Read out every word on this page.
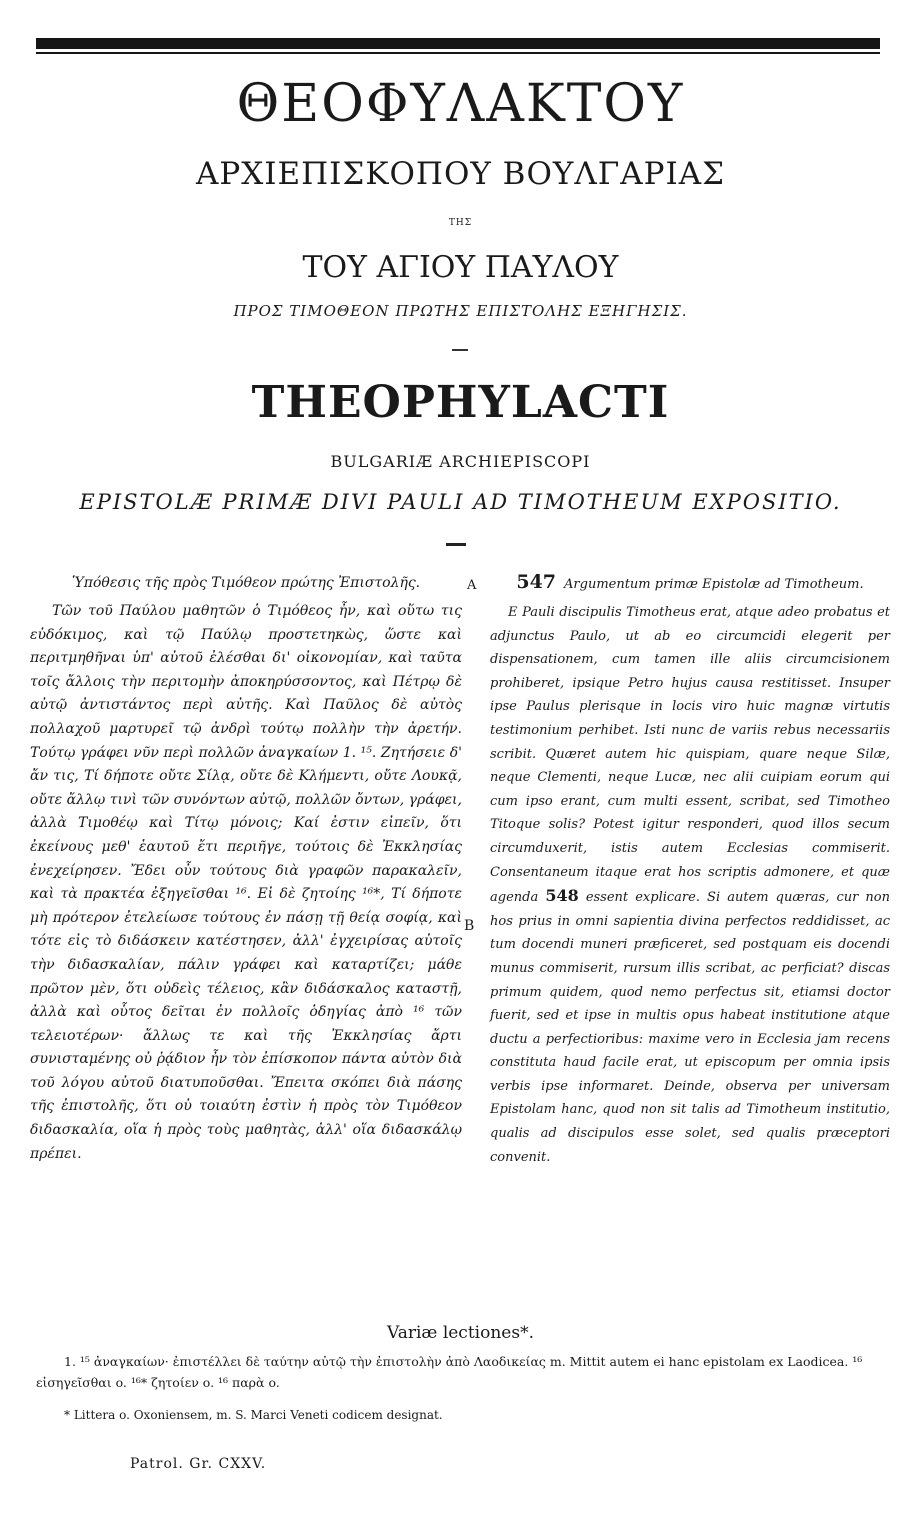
ΘΕΟΦΥΛΑΚΤΟΥ
ΑΡΧΙΕΠΙΣΚΟΠΟΥ ΒΟΥΛΓΑΡΙΑΣ
ΤΗΣ
ΤΟΥ ΑΓΙΟΥ ΠΑΥΛΟΥ
ΠΡΟΣ ΤΙΜΟΘΕΟΝ ΠΡΩΤΗΣ ΕΠΙΣΤΟΛΗΣ ΕΞΗΓΗΣΙΣ.
THEOPHYLACTI
BULGARIÆ ARCHIEPISCOPI
EPISTOLÆ PRIMÆ DIVI PAULI AD TIMOTHEUM EXPOSITIO.
A
B

Ὑπόθεσις τῆς πρὸς Τιμόθεον πρώτης Ἐπιστολῆς.

Τῶν τοῦ Παύλου μαθητῶν ὁ Τιμόθεος ἦν, καὶ οὕτω τις εὐδόκιμος, καὶ τῷ Παύλῳ προστετηκὼς, ὥστε καὶ περιτμηθῆναι ὑπ' αὐτοῦ ἐλέσθαι δι' οἰκονομίαν, καὶ ταῦτα τοῖς ἄλλοις τὴν περιτομὴν ἀποκηρύσσοντος, καὶ Πέτρῳ δὲ αὐτῷ ἀντιστάντος περὶ αὐτῆς. Καὶ Παῦλος δὲ αὐτὸς πολλαχοῦ μαρτυρεῖ τῷ ἀνδρὶ τούτῳ πολλὴν τὴν ἀρετήν. Τούτῳ γράφει νῦν περὶ πολλῶν ἀναγκαίων 1. ¹⁵. Ζητήσειε δ' ἄν τις, Τί δήποτε οὔτε Σίλᾳ, οὔτε δὲ Κλήμεντι, οὔτε Λουκᾷ, οὔτε ἄλλῳ τινὶ τῶν συνόντων αὐτῷ, πολλῶν ὄντων, γράφει, ἀλλὰ Τιμοθέῳ καὶ Τίτῳ μόνοις; Καί ἐστιν εἰπεῖν, ὅτι ἐκείνους μεθ' ἑαυτοῦ ἔτι περιῆγε, τούτοις δὲ Ἐκκλησίας ἐνεχείρησεν. Ἔδει οὖν τούτους διὰ γραφῶν παρακαλεῖν, καὶ τὰ πρακτέα ἐξηγεῖσθαι ¹⁶. Εἰ δὲ ζητοίης ¹⁶*, Τί δήποτε μὴ πρότερον ἐτελείωσε τούτους ἐν πάσῃ τῇ θείᾳ σοφίᾳ, καὶ τότε εἰς τὸ διδάσκειν κατέστησεν, ἀλλ' ἐγχειρίσας αὐτοῖς τὴν διδασκαλίαν, πάλιν γράφει καὶ καταρτίζει; μάθε πρῶτον μὲν, ὅτι οὐδεὶς τέλειος, κἂν διδάσκαλος καταστῇ, ἀλλὰ καὶ οὗτος δεῖται ἐν πολλοῖς ὁδηγίας ἀπὸ ¹⁶ τῶν τελειοτέρων· ἄλλως τε καὶ τῆς Ἐκκλησίας ἄρτι συνισταμένης οὐ ῥᾴδιον ἦν τὸν ἐπίσκοπον πάντα αὐτὸν διὰ τοῦ λόγου αὐτοῦ διατυποῦσθαι. Ἔπειτα σκόπει διὰ πάσης τῆς ἐπιστολῆς, ὅτι οὐ τοιαύτη ἐστὶν ἡ πρὸς τὸν Τιμόθεον διδασκαλία, οἵα ἡ πρὸς τοὺς μαθητὰς, ἀλλ' οἵα διδασκάλῳ πρέπει.

547 Argumentum primæ Epistolæ ad Timotheum.

E Pauli discipulis Timotheus erat, atque adeo probatus et adjunctus Paulo, ut ab eo circumcidi elegerit per dispensationem, cum tamen ille aliis circumcisionem prohiberet, ipsique Petro hujus causa restitisset. Insuper ipse Paulus plerisque in locis viro huic magnæ virtutis testimonium perhibet. Isti nunc de variis rebus necessariis scribit. Quæret autem hic quispiam, quare neque Silæ, neque Clementi, neque Lucæ, nec alii cuipiam eorum qui cum ipso erant, cum multi essent, scribat, sed Timotheo Titoque solis? Potest igitur responderi, quod illos secum circumduxerit, istis autem Ecclesias commiserit. Consentaneum itaque erat hos scriptis admonere, et quæ agenda 548 essent explicare. Si autem quæras, cur non hos prius in omni sapientia divina perfectos reddidisset, ac tum docendi muneri præficeret, sed postquam eis docendi munus commiserit, rursum illis scribat, ac perficiat? discas primum quidem, quod nemo perfectus sit, etiamsi doctor fuerit, sed et ipse in multis opus habeat institutione atque ductu a perfectioribus: maxime vero in Ecclesia jam recens constituta haud facile erat, ut episcopum per omnia ipsis verbis ipse informaret. Deinde, observa per universam Epistolam hanc, quod non sit talis ad Timotheum institutio, qualis ad discipulos esse solet, sed qualis præceptori convenit.

Variæ lectiones*.

1. ¹⁵ ἀναγκαίων· ἐπιστέλλει δὲ ταύτην αὐτῷ τὴν ἐπιστολὴν ἀπὸ Λαοδικείας m. Mittit autem ei hanc epistolam ex Laodicea. ¹⁶ εἰσηγεῖσθαι o. ¹⁶* ζητοίεν o. ¹⁶ παρὰ o.

* Littera o. Oxoniensem, m. S. Marci Veneti codicem designat.
Patrol. Gr. CXXV.
